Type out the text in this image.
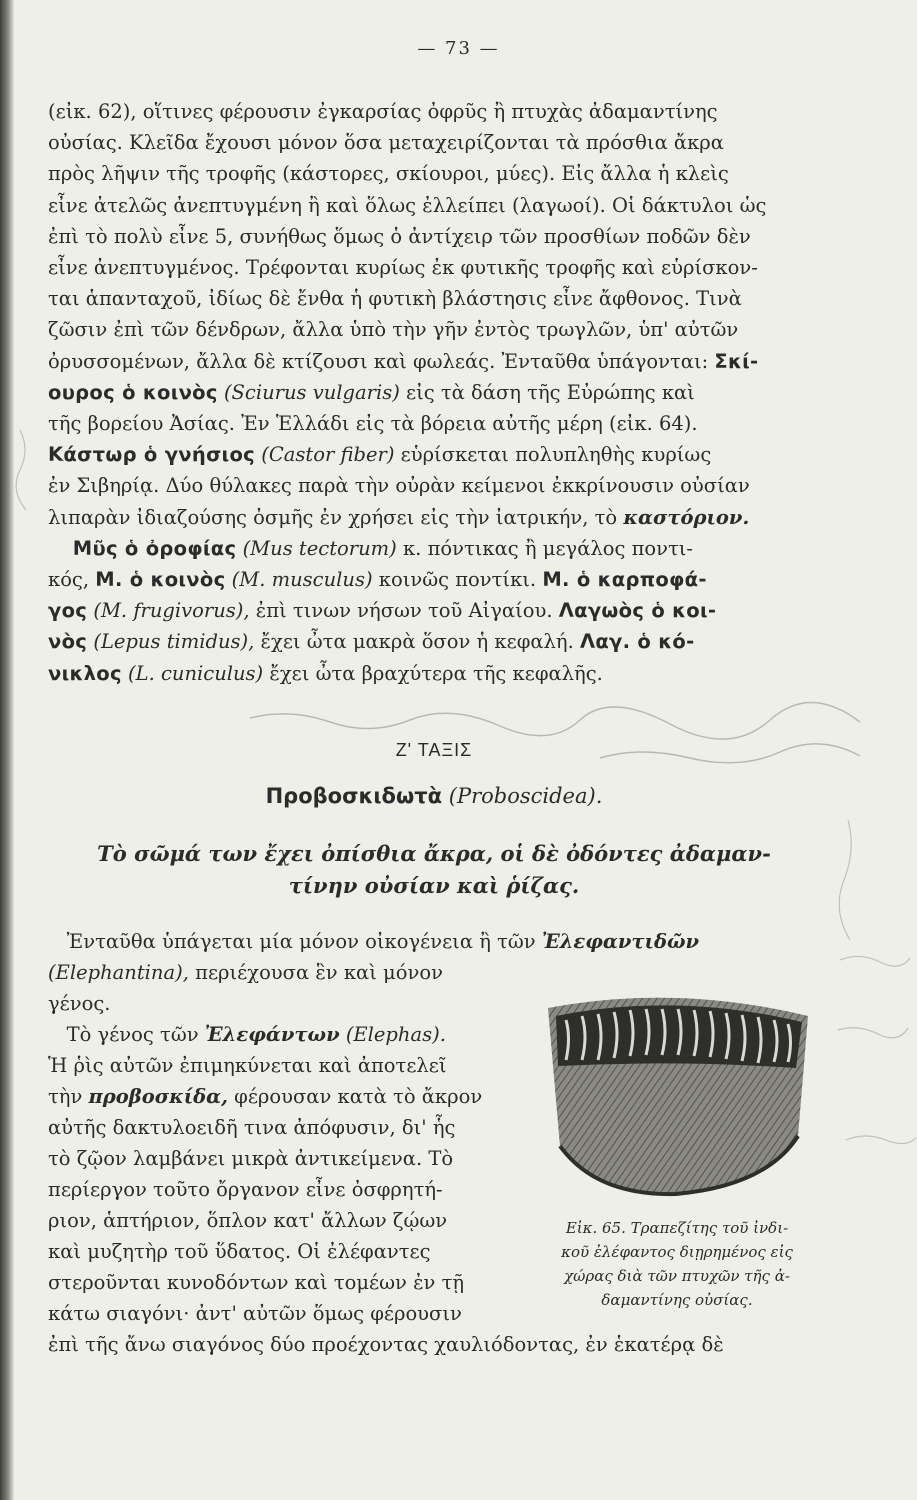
— 73 —
(εἰκ. 62), οἵτινες φέρουσιν ἐγκαρσίας ὀφρῦς ἢ πτυχὰς ἀδαμαντίνης
οὐσίας. Κλεῖδα ἔχουσι μόνον ὅσα μεταχειρίζονται τὰ πρόσθια ἄκρα
πρὸς λῆψιν τῆς τροφῆς (κάστορες, σκίουροι, μύες). Εἰς ἄλλα ἡ κλεὶς
εἶνε ἀτελῶς ἀνεπτυγμένη ἢ καὶ ὅλως ἐλλείπει (λαγωοί). Οἱ δάκτυλοι ὡς
ἐπὶ τὸ πολὺ εἶνε 5, συνήθως ὅμως ὁ ἀντίχειρ τῶν προσθίων ποδῶν δὲν
εἶνε ἀνεπτυγμένος. Τρέφονται κυρίως ἐκ φυτικῆς τροφῆς καὶ εὑρίσκον-
ται ἁπανταχοῦ, ἰδίως δὲ ἔνθα ἡ φυτικὴ βλάστησις εἶνε ἄφθονος. Τινὰ
ζῶσιν ἐπὶ τῶν δένδρων, ἄλλα ὑπὸ τὴν γῆν ἐντὸς τρωγλῶν, ὑπ' αὐτῶν
ὀρυσσομένων, ἄλλα δὲ κτίζουσι καὶ φωλεάς. Ἐνταῦθα ὑπάγονται: Σκί-
ουρος ὁ κοινὸς (Sciurus vulgaris) εἰς τὰ δάση τῆς Εὐρώπης καὶ
τῆς βορείου Ἀσίας. Ἐν Ἑλλάδι εἰς τὰ βόρεια αὐτῆς μέρη (εἰκ. 64).
Κάστωρ ὁ γνήσιος (Castor fiber) εὑρίσκεται πολυπληθὴς κυρίως
ἐν Σιβηρίᾳ. Δύο θύλακες παρὰ τὴν οὐρὰν κείμενοι ἐκκρίνουσιν οὐσίαν
λιπαρὰν ἰδιαζούσης ὀσμῆς ἐν χρήσει εἰς τὴν ἰατρικήν, τὸ καστόριον.
Μῦς ὁ ὀροφίας (Mus tectorum) κ. πόντικας ἢ μεγάλος ποντι-
κός, Μ. ὁ κοινὸς (M. musculus) κοινῶς ποντίκι. Μ. ὁ καρποφά-
γος (M. frugivorus), ἐπὶ τινων νήσων τοῦ Αἰγαίου. Λαγωὸς ὁ κοι-
νὸς (Lepus timidus), ἔχει ὦτα μακρὰ ὅσον ἡ κεφαλή. Λαγ. ὁ κό-
νικλος (L. cuniculus) ἔχει ὦτα βραχύτερα τῆς κεφαλῆς.
Ζ' ΤΑΞΙΣ
Προβοσκιδωτὰ (Proboscidea).
Τὸ σῶμά των ἔχει ὀπίσθια ἄκρα, οἱ δὲ ὀδόντες ἀδαμαν-
τίνην οὐσίαν καὶ ῥίζας.
Ἐνταῦθα ὑπάγεται μία μόνον οἰκογένεια ἢ τῶν Ἐλεφαντιδῶν
(Elephantina), περιέχουσα ἓν καὶ μόνον
γένος.
Τὸ γένος τῶν Ἐλεφάντων (Elephas).
Ἡ ῥὶς αὐτῶν ἐπιμηκύνεται καὶ ἀποτελεῖ
τὴν προβοσκίδα, φέρουσαν κατὰ τὸ ἄκρον
αὐτῆς δακτυλοειδῆ τινα ἀπόφυσιν, δι' ἧς
τὸ ζῷον λαμβάνει μικρὰ ἀντικείμενα. Τὸ
περίεργον τοῦτο ὄργανον εἶνε ὀσφρητή-
ριον, ἁπτήριον, ὅπλον κατ' ἄλλων ζῴων
καὶ μυζητὴρ τοῦ ὕδατος. Οἱ ἐλέφαντες
στεροῦνται κυνοδόντων καὶ τομέων ἐν τῇ
κάτω σιαγόνι· ἀντ' αὐτῶν ὅμως φέρουσιν
ἐπὶ τῆς ἄνω σιαγόνος δύο προέχοντας χαυλιόδοντας, ἐν ἑκατέρᾳ δὲ
Εἰκ. 65. Τραπεζίτης τοῦ ἰνδι-
κοῦ ἐλέφαντος διῃρημένος εἰς
χώρας διὰ τῶν πτυχῶν τῆς ἀ-
δαμαντίνης οὐσίας.
